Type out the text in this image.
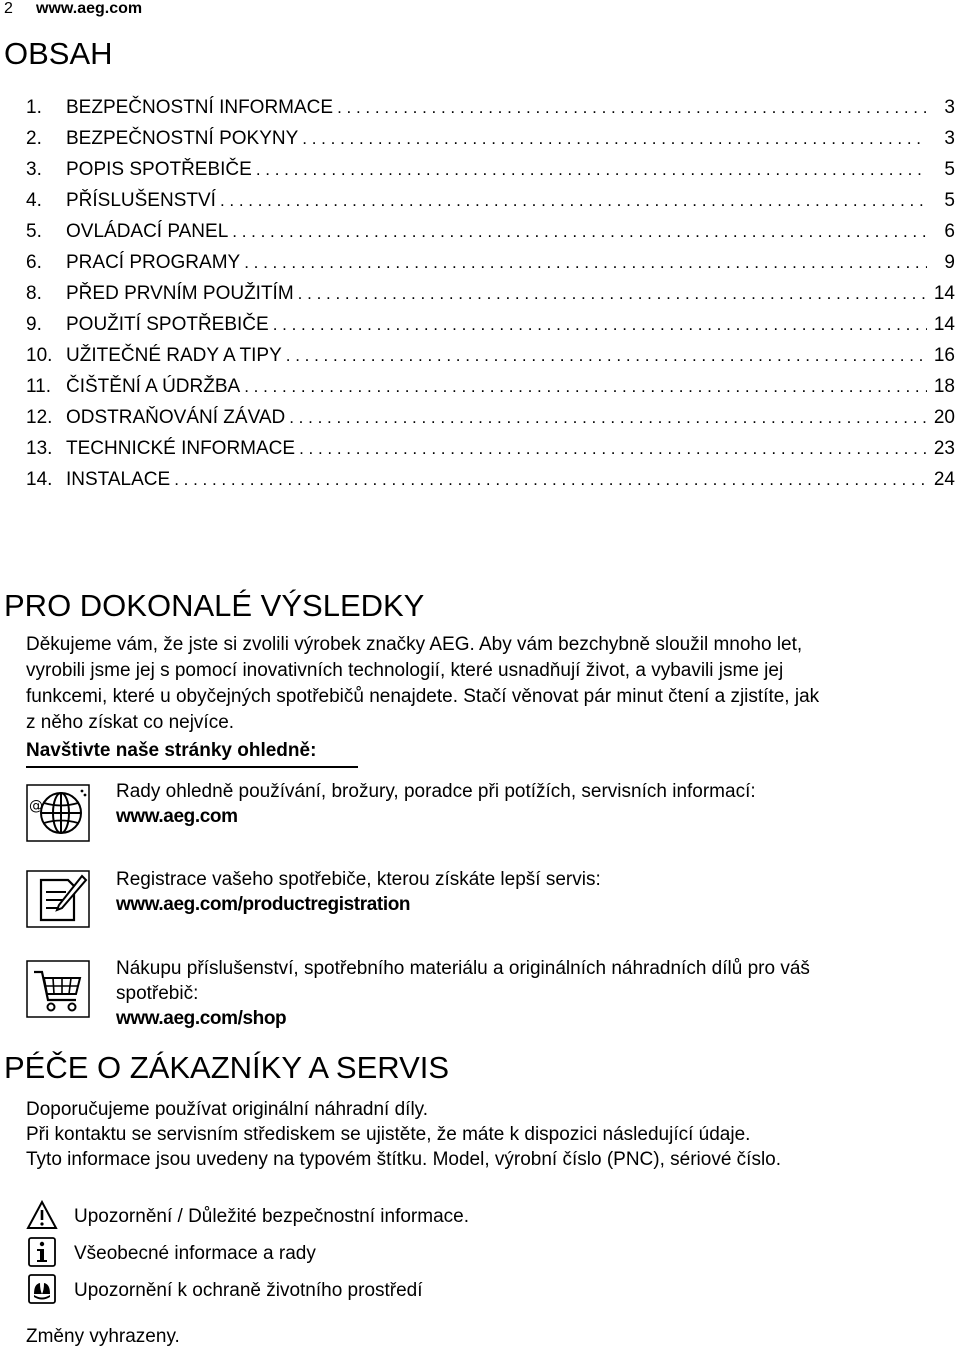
2 www.aeg.com
OBSAH
1.	BEZPEČNOSTNÍ INFORMACE . . .	3
2.	BEZPEČNOSTNÍ POKYNY . . .	3
3.	POPIS SPOTŘEBIČE . . .	5
4.	PŘÍSLUŠENSTVÍ . . .	5
5.	OVLÁDACÍ PANEL . . .	6
6.	PRACÍ PROGRAMY . . .	9
8.	PŘED PRVNÍM POUŽITÍM . . .	14
9.	POUŽITÍ SPOTŘEBIČE . . .	14
10. UŽITEČNÉ RADY A TIPY . . .	16
11. ČIŠTĚNÍ A ÚDRŽBA . . .	18
12. ODSTRAŇOVÁNÍ ZÁVAD . . .	20
13. TECHNICKÉ INFORMACE . . .	23
14. INSTALACE . . .	24
PRO DOKONALÉ VÝSLEDKY
Děkujeme vám, že jste si zvolili výrobek značky AEG. Aby vám bezchybně sloužil mnoho let,
vyrobili jsme jej s pomocí inovativních technologií, které usnadňují život, a vybavili jsme jej
funkcemi, které u obyčejných spotřebičů nenajdete. Stačí věnovat pár minut čtení a zjistíte, jak
z něho získat co nejvíce.
Navštivte naše stránky ohledně:
@
Rady ohledně používání, brožury, poradce při potížích, servisních informací:
www.aeg.com
Registrace vašeho spotřebiče, kterou získáte lepší servis:
www.aeg.com/productregistration
Nákupu příslušenství, spotřebního materiálu a originálních náhradních dílů pro váš
spotřebič:
www.aeg.com/shop
PÉČE O ZÁKAZNÍKY A SERVIS
Doporučujeme používat originální náhradní díly.
Při kontaktu se servisním střediskem se ujistěte, že máte k dispozici následující údaje.
Tyto informace jsou uvedeny na typovém štítku. Model, výrobní číslo (PNC), sériové číslo.
Upozornění / Důležité bezpečnostní informace.
Všeobecné informace a rady
Upozornění k ochraně životního prostředí
Změny vyhrazeny.
